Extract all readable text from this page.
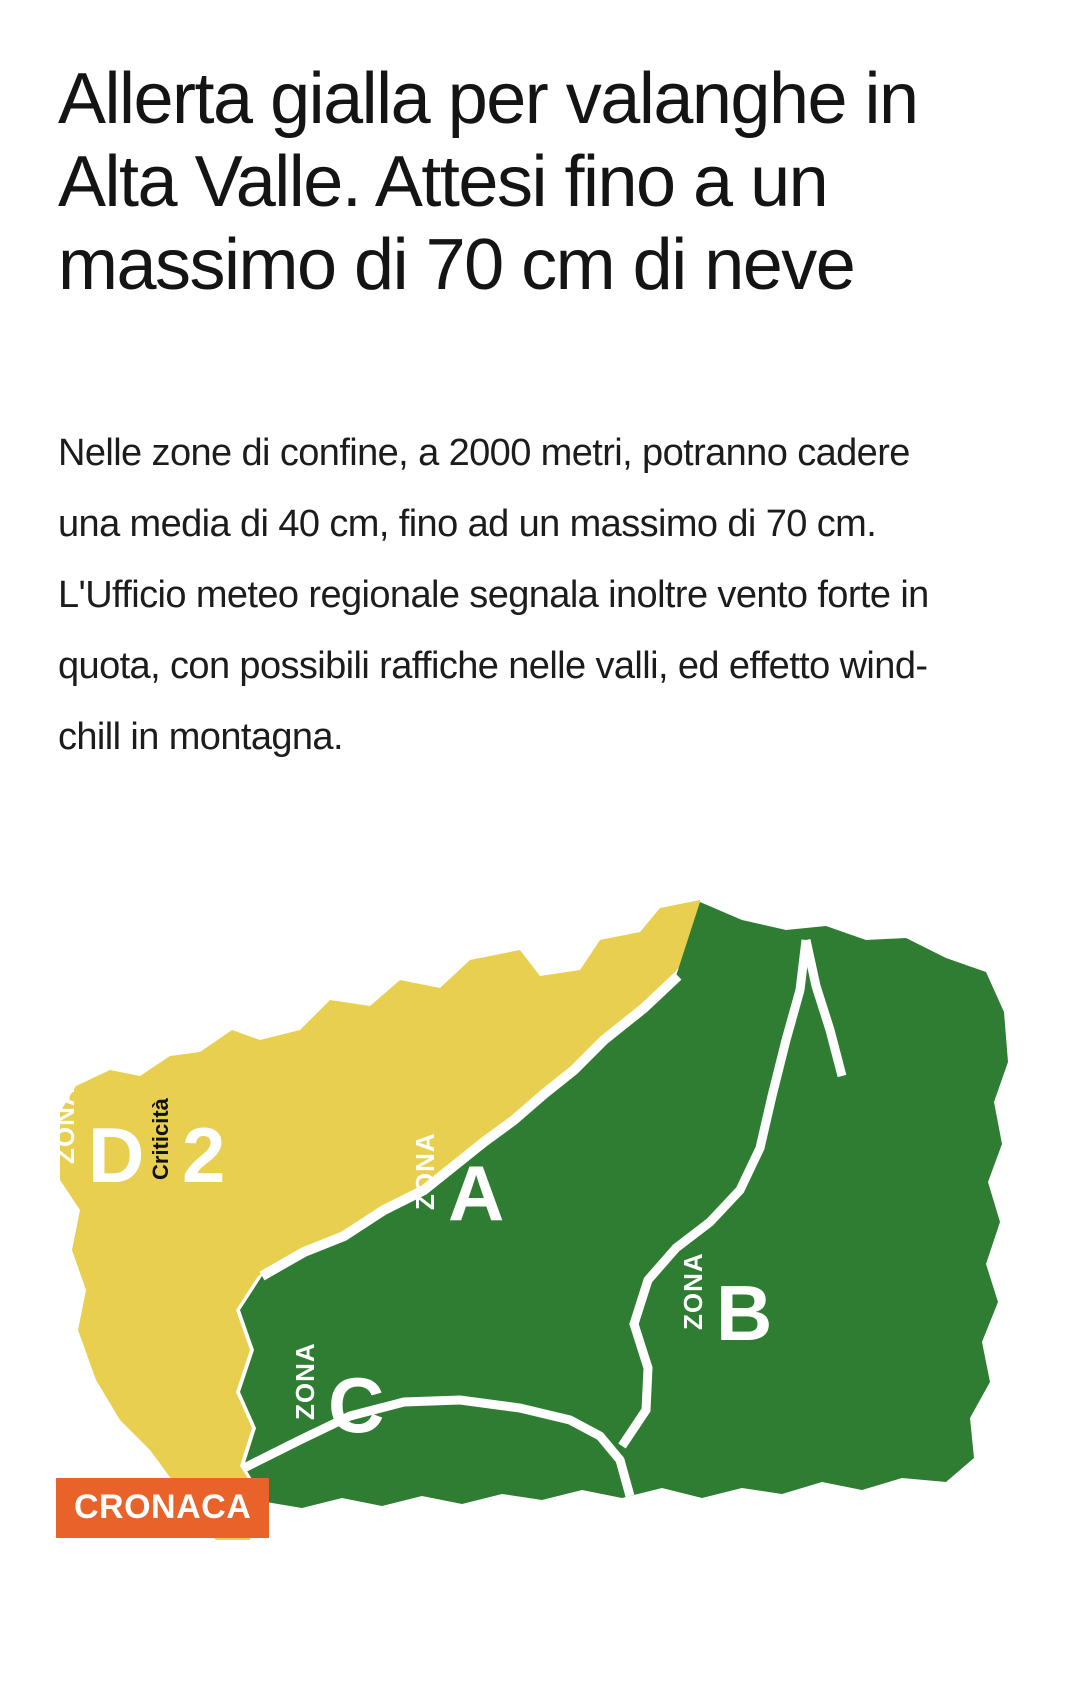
Allerta gialla per valanghe in Alta Valle. Attesi fino a un massimo di 70 cm di neve

Nelle zone di confine, a 2000 metri, potranno cadere una media di 40 cm, fino ad un massimo di 70 cm. L'Ufficio meteo regionale segnala inoltre vento forte in quota, con possibili raffiche nelle valli, ed effetto wind-chill in montagna.

ZONA D Criticità 2	ZONA A
ZONA B
ZONA C
CRONACA
